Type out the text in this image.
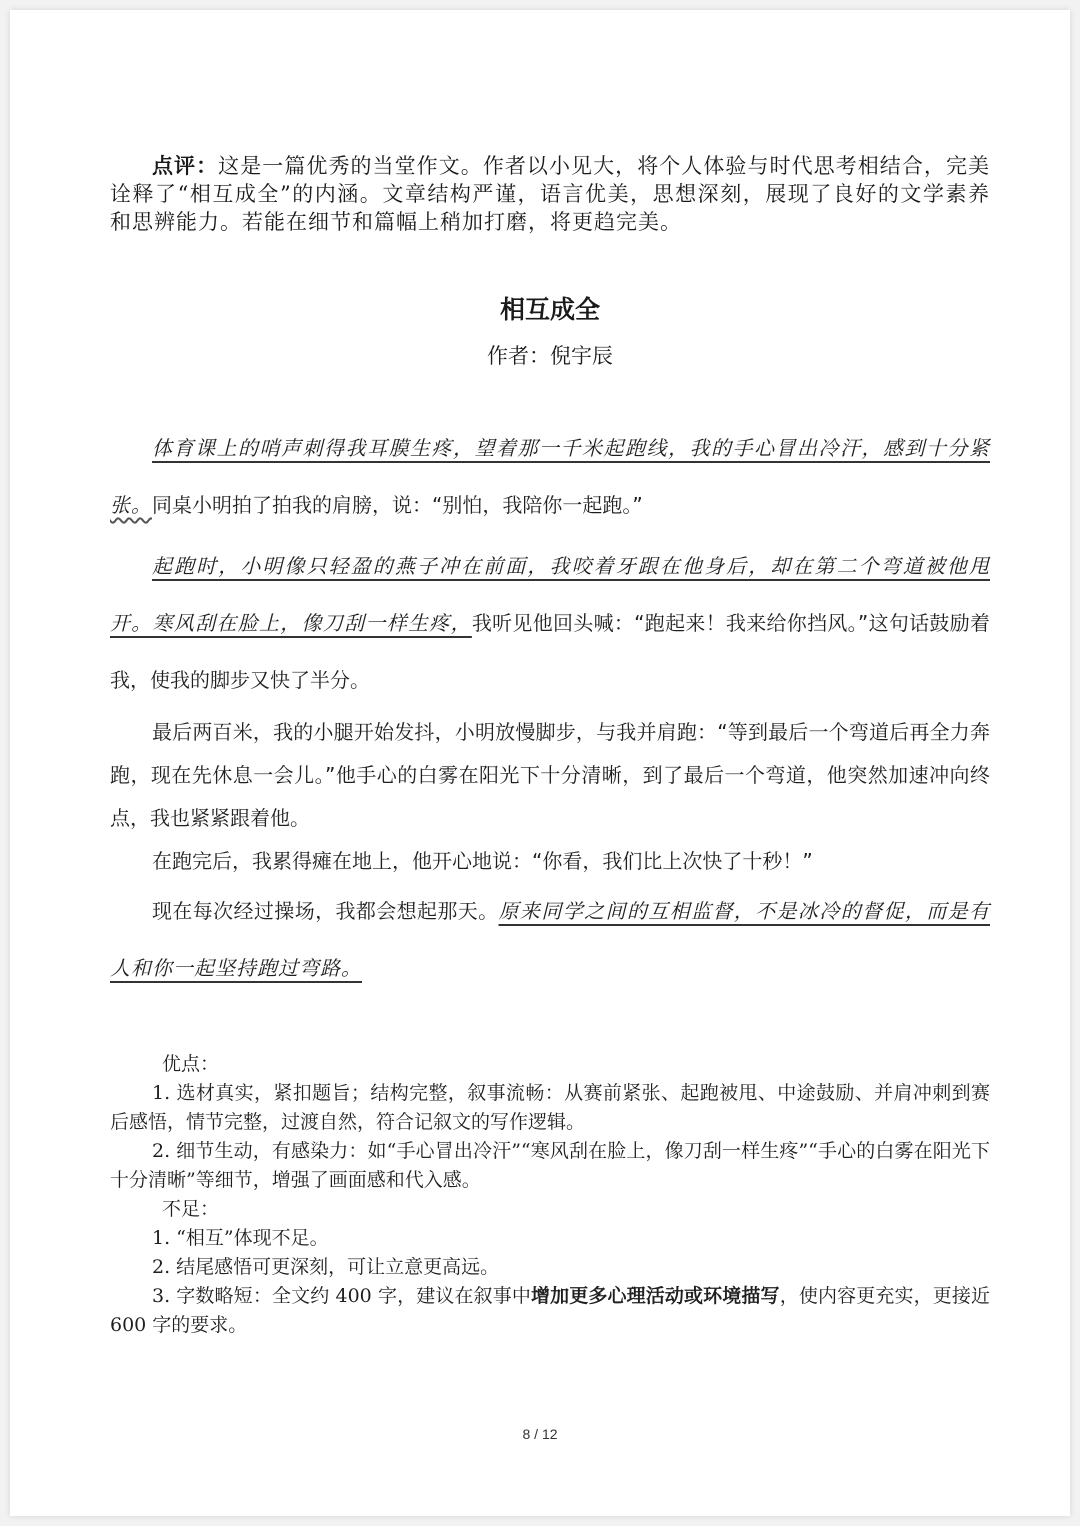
点评：这是一篇优秀的当堂作文。作者以小见大，将个人体验与时代思考相结合，完美诠释了“相互成全”的内涵。文章结构严谨，语言优美，思想深刻，展现了良好的文学素养和思辨能力。若能在细节和篇幅上稍加打磨，将更趋完美。

相互成全
作者：倪宇辰

体育课上的哨声刺得我耳膜生疼，望着那一千米起跑线，我的手心冒出冷汗，感到十分紧张。同桌小明拍了拍我的肩膀，说：“别怕，我陪你一起跑。”

起跑时，小明像只轻盈的燕子冲在前面，我咬着牙跟在他身后，却在第二个弯道被他甩开。寒风刮在脸上，像刀刮一样生疼，我听见他回头喊：“跑起来！我来给你挡风。”这句话鼓励着我，使我的脚步又快了半分。

最后两百米，我的小腿开始发抖，小明放慢脚步，与我并肩跑：“等到最后一个弯道后再全力奔跑，现在先休息一会儿。”他手心的白雾在阳光下十分清晰，到了最后一个弯道，他突然加速冲向终点，我也紧紧跟着他。

在跑完后，我累得瘫在地上，他开心地说：“你看，我们比上次快了十秒！”

现在每次经过操场，我都会想起那天。原来同学之间的互相监督，不是冰冷的督促，而是有人和你一起坚持跑过弯路。

优点：

1. 选材真实，紧扣题旨；结构完整，叙事流畅：从赛前紧张、起跑被甩、中途鼓励、并肩冲刺到赛后感悟，情节完整，过渡自然，符合记叙文的写作逻辑。

2. 细节生动，有感染力：如“手心冒出冷汗”“寒风刮在脸上，像刀刮一样生疼”“手心的白雾在阳光下十分清晰”等细节，增强了画面感和代入感。

不足：

1. “相互”体现不足。

2. 结尾感悟可更深刻，可让立意更高远。

3. 字数略短：全文约 400 字，建议在叙事中增加更多心理活动或环境描写，使内容更充实，更接近 600 字的要求。

8 / 12
